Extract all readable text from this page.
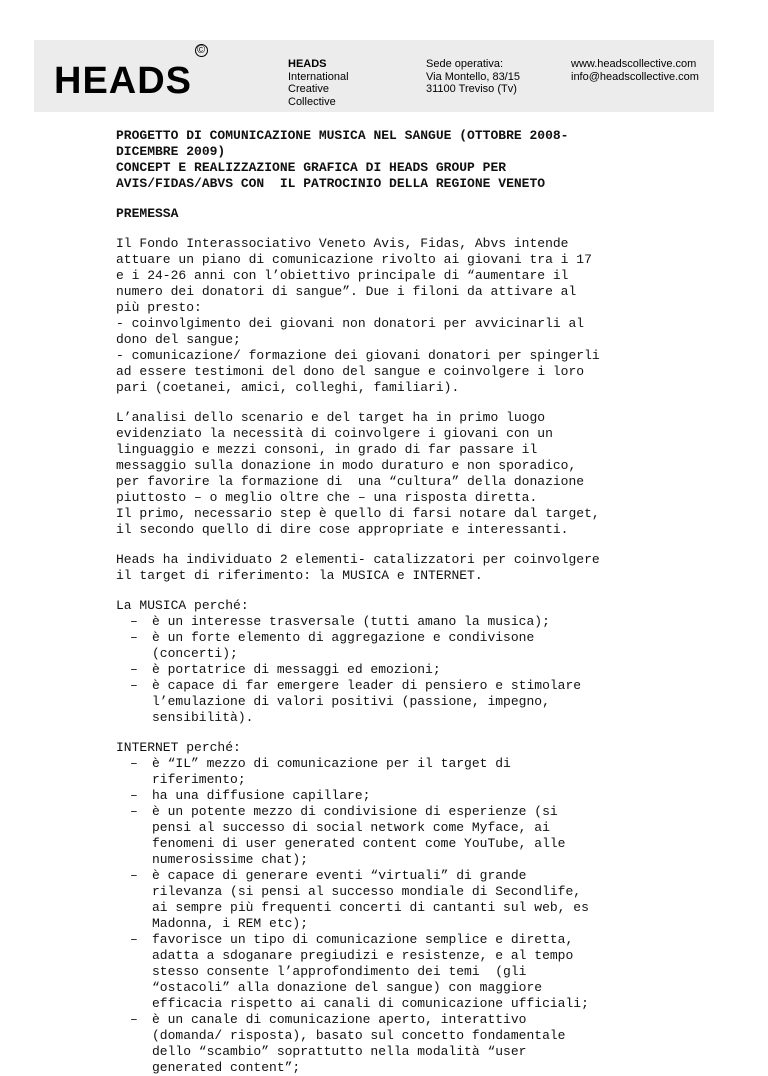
HEADS©
HEADS
International
Creative
Collective
Sede operativa:
Via Montello, 83/15
31100 Treviso (Tv)
www.headscollective.com
info@headscollective.com

PROGETTO DI COMUNICAZIONE MUSICA NEL SANGUE (OTTOBRE 2008-

DICEMBRE 2009)

CONCEPT E REALIZZAZIONE GRAFICA DI HEADS GROUP PER

AVIS/FIDAS/ABVS CON  IL PATROCINIO DELLA REGIONE VENETO

PREMESSA

Il Fondo Interassociativo Veneto Avis, Fidas, Abvs intende
attuare un piano di comunicazione rivolto ai giovani tra i 17
e i 24-26 anni con l’obiettivo principale di “aumentare il
numero dei donatori di sangue”. Due i filoni da attivare al
più presto:
- coinvolgimento dei giovani non donatori per avvicinarli al
dono del sangue;
- comunicazione/ formazione dei giovani donatori per spingerli
ad essere testimoni del dono del sangue e coinvolgere i loro
pari (coetanei, amici, colleghi, familiari).

L’analisi dello scenario e del target ha in primo luogo
evidenziato la necessità di coinvolgere i giovani con un
linguaggio e mezzi consoni, in grado di far passare il
messaggio sulla donazione in modo duraturo e non sporadico,
per favorire la formazione di  una “cultura” della donazione
piuttosto – o meglio oltre che – una risposta diretta.
Il primo, necessario step è quello di farsi notare dal target,
il secondo quello di dire cose appropriate e interessanti.

Heads ha individuato 2 elementi- catalizzatori per coinvolgere
il target di riferimento: la MUSICA e INTERNET.

La MUSICA perché:

– è un interesse trasversale (tutti amano la musica);

– è un forte elemento di aggregazione e condivisone
(concerti);

– è portatrice di messaggi ed emozioni;

– è capace di far emergere leader di pensiero e stimolare
l’emulazione di valori positivi (passione, impegno,
sensibilità).

INTERNET perché:

– è “IL” mezzo di comunicazione per il target di
riferimento;

– ha una diffusione capillare;

– è un potente mezzo di condivisione di esperienze (si
pensi al successo di social network come Myface, ai
fenomeni di user generated content come YouTube, alle
numerosissime chat);

– è capace di generare eventi “virtuali” di grande
rilevanza (si pensi al successo mondiale di Secondlife,
ai sempre più frequenti concerti di cantanti sul web, es
Madonna, i REM etc);

– favorisce un tipo di comunicazione semplice e diretta,
adatta a sdoganare pregiudizi e resistenze, e al tempo
stesso consente l’approfondimento dei temi  (gli
“ostacoli” alla donazione del sangue) con maggiore
efficacia rispetto ai canali di comunicazione ufficiali;

– è un canale di comunicazione aperto, interattivo
(domanda/ risposta), basato sul concetto fondamentale
dello “scambio” soprattutto nella modalità “user
generated content”;
